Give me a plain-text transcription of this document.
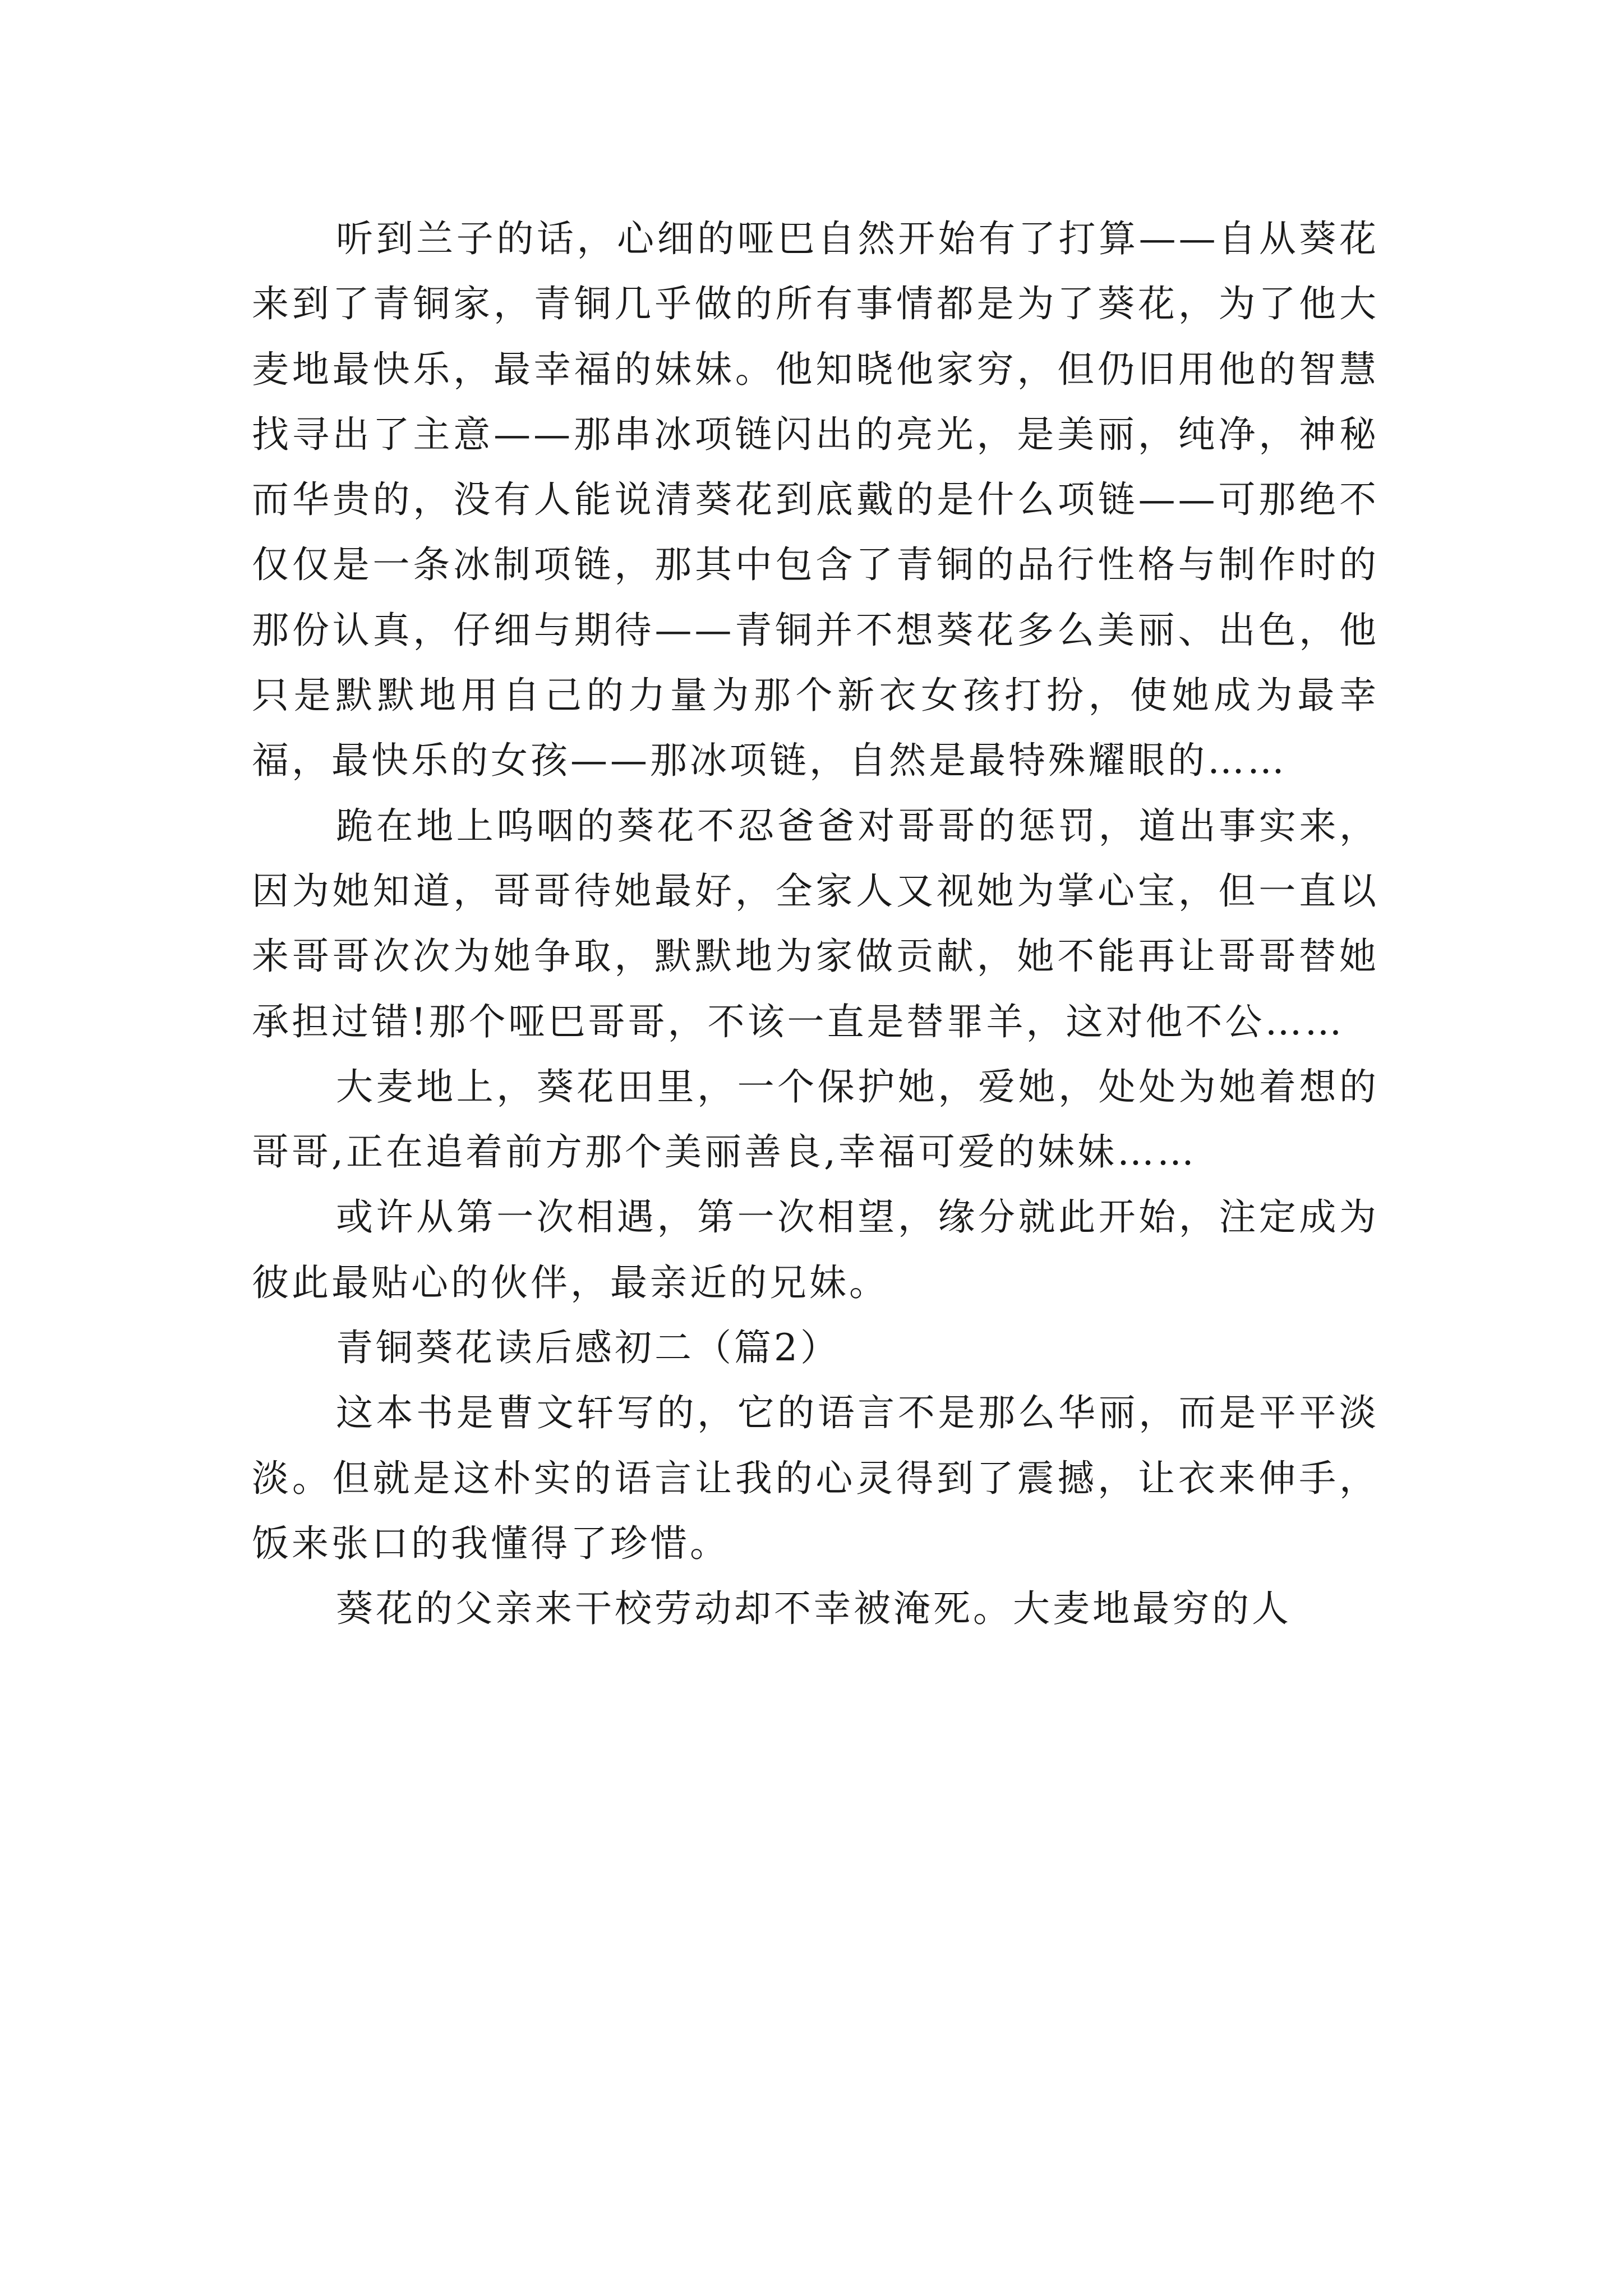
听到兰子的话，心细的哑巴自然开始有了打算——自从葵花来到了青铜家，青铜几乎做的所有事情都是为了葵花，为了他大麦地最快乐，最幸福的妹妹。他知晓他家穷，但仍旧用他的智慧找寻出了主意——那串冰项链闪出的亮光，是美丽，纯净，神秘而华贵的，没有人能说清葵花到底戴的是什么项链——可那绝不仅仅是一条冰制项链，那其中包含了青铜的品行性格与制作时的那份认真，仔细与期待——青铜并不想葵花多么美丽、出色，他只是默默地用自己的力量为那个新衣女孩打扮，使她成为最幸福，最快乐的女孩——那冰项链，自然是最特殊耀眼的……

跪在地上呜咽的葵花不忍爸爸对哥哥的惩罚，道出事实来，因为她知道，哥哥待她最好，全家人又视她为掌心宝，但一直以来哥哥次次为她争取，默默地为家做贡献，她不能再让哥哥替她承担过错!那个哑巴哥哥，不该一直是替罪羊，这对他不公……

大麦地上，葵花田里，一个保护她，爱她，处处为她着想的哥哥,正在追着前方那个美丽善良,幸福可爱的妹妹……

或许从第一次相遇，第一次相望，缘分就此开始，注定成为彼此最贴心的伙伴，最亲近的兄妹。

青铜葵花读后感初二（篇2）

这本书是曹文轩写的，它的语言不是那么华丽，而是平平淡淡。但就是这朴实的语言让我的心灵得到了震撼，让衣来伸手，饭来张口的我懂得了珍惜。

葵花的父亲来干校劳动却不幸被淹死。大麦地最穷的人
